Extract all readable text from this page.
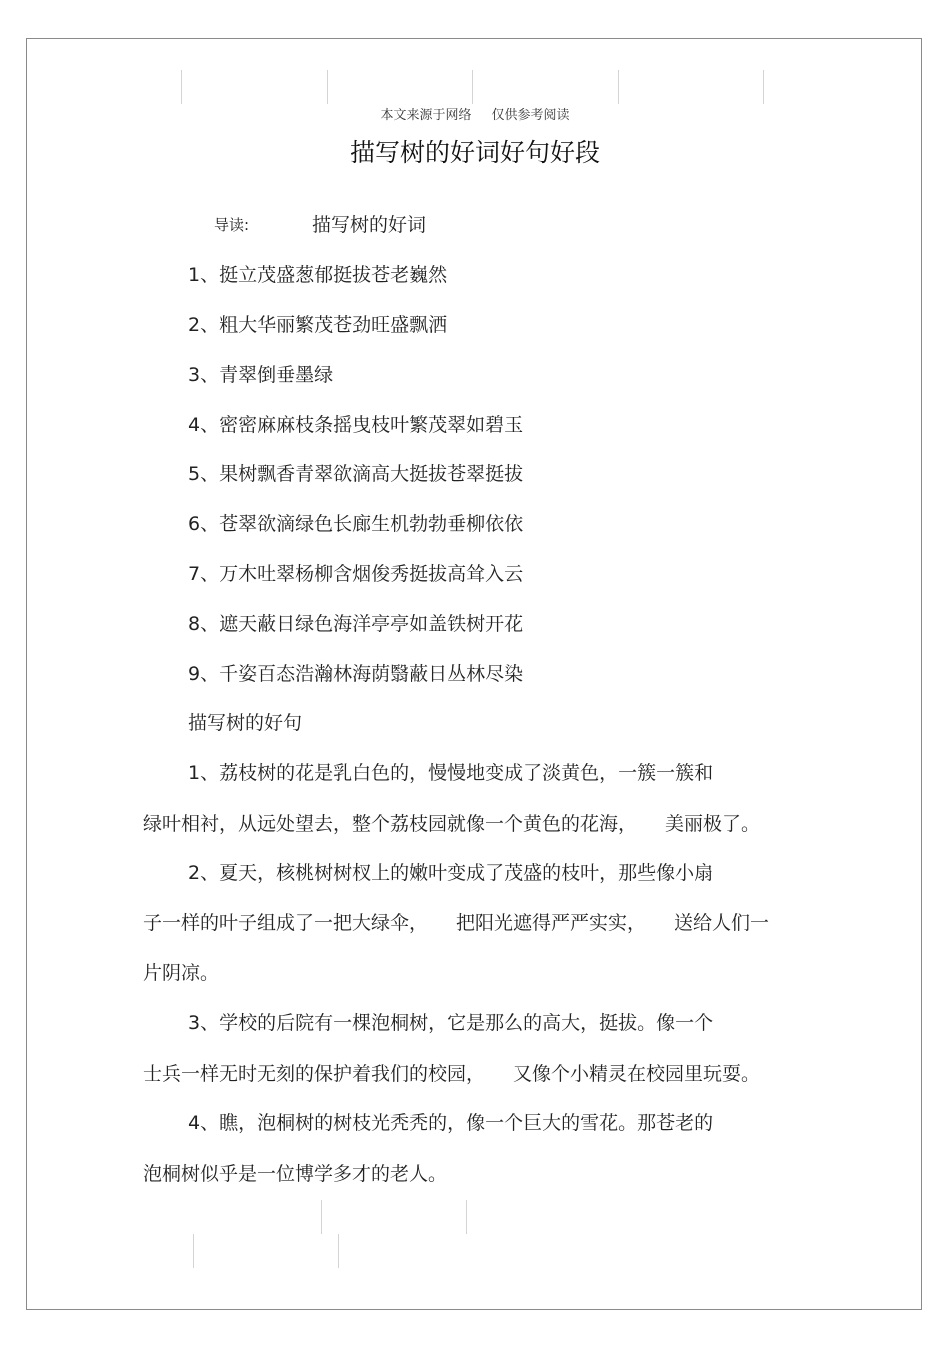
本文来源于网络 仅供参考阅读
描写树的好词好句好段
导读:	描写树的好词
1、挺立茂盛葱郁挺拔苍老巍然
2、粗大华丽繁茂苍劲旺盛飘洒
3、青翠倒垂墨绿
4、密密麻麻枝条摇曳枝叶繁茂翠如碧玉
5、果树飘香青翠欲滴高大挺拔苍翠挺拔
6、苍翠欲滴绿色长廊生机勃勃垂柳依依
7、万木吐翠杨柳含烟俊秀挺拔高耸入云
8、遮天蔽日绿色海洋亭亭如盖铁树开花
9、千姿百态浩瀚林海荫翳蔽日丛林尽染
描写树的好句
1、荔枝树的花是乳白色的，慢慢地变成了淡黄色，一簇一簇和
绿叶相衬，从远处望去，整个荔枝园就像一个黄色的花海， 美丽极了。
2、夏天，核桃树树杈上的嫩叶变成了茂盛的枝叶，那些像小扇
子一样的叶子组成了一把大绿伞， 把阳光遮得严严实实， 送给人们一
片阴凉。
3、学校的后院有一棵泡桐树，它是那么的高大，挺拔。像一个
士兵一样无时无刻的保护着我们的校园， 又像个小精灵在校园里玩耍。
4、瞧，泡桐树的树枝光秃秃的，像一个巨大的雪花。那苍老的
泡桐树似乎是一位博学多才的老人。
